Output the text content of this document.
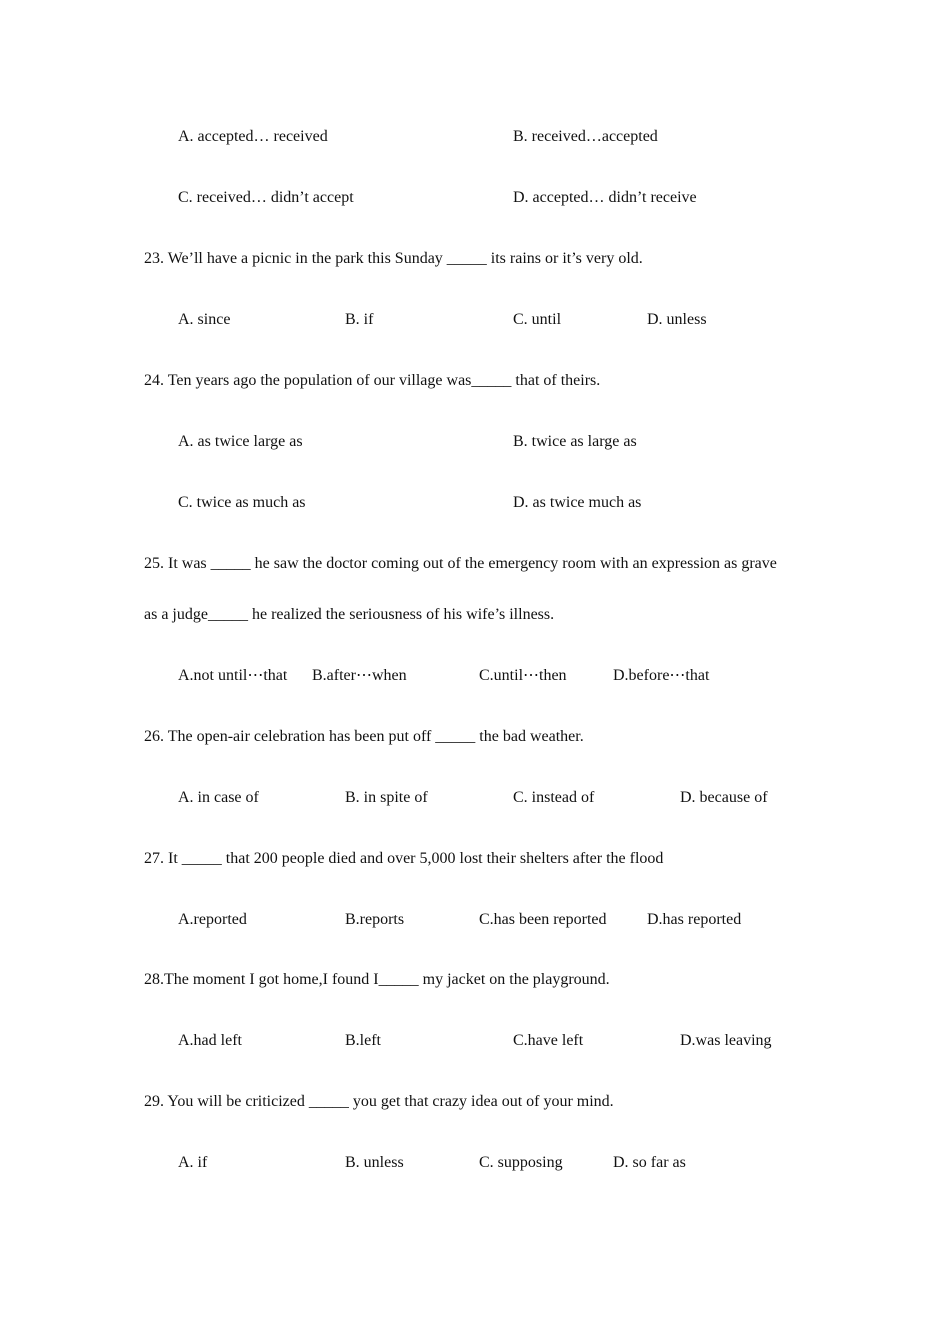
A. accepted… received	B. received…accepted
C. received… didn’t accept	D. accepted… didn’t receive
23. We’ll have a picnic in the park this Sunday _____ its rains or it’s very old.
A. since	B. if	C. until	D. unless
24. Ten years ago the population of our village was_____ that of theirs.
A. as twice large as	B. twice as large as
C. twice as much as	D. as twice much as
25. It was _____ he saw the doctor coming out of the emergency room with an expression as grave
as a judge_____ he realized the seriousness of his wife’s illness.
A.not until⋯that B.after⋯when	C.until⋯then	D.before⋯that
26. The open-air celebration has been put off _____ the bad weather.
A. in case of	B. in spite of	C. instead of	D. because of
27. It _____ that 200 people died and over 5,000 lost their shelters after the flood
A.reported	B.reports	C.has been reported	D.has reported
28.The moment I got home,I found I_____ my jacket on the playground.
A.had left	B.left	C.have left	D.was leaving
29. You will be criticized _____ you get that crazy idea out of your mind.
A. if	B. unless	C. supposing	D. so far as
